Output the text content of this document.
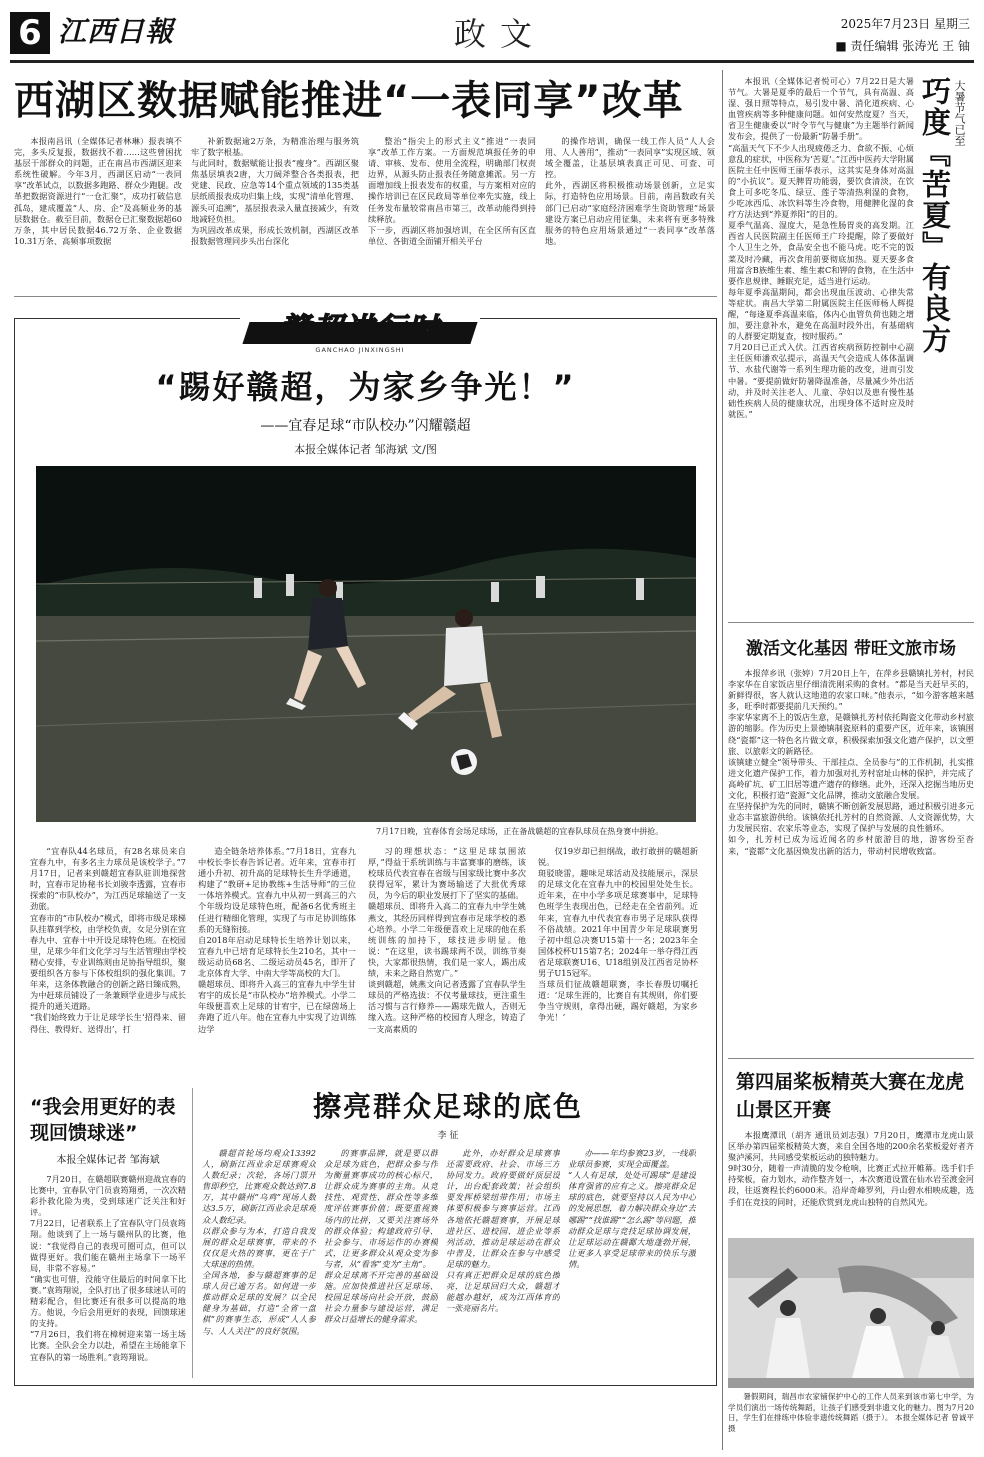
6 江西日報	政文	2025年7月23日 星期三
■ 责任编辑 张涛光 王 铀
西湖区数据赋能推进“一表同享”改革

本报南昌讯（全媒体记者林琳）报表填不完，多头反复报，数据找不着……这些曾困扰基层干部群众的问题，正在南昌市西湖区迎来系统性破解。今年3月，西湖区启动“一表同享”改革试点，以数据多跑路、群众少跑腿。改革把数据资源进行“一仓汇聚”，成功打破信息孤岛，建成覆盖“人、房、企”及高频业务的基层数据仓。截至目前，数据仓已汇聚数据超60万条，其中居民数据46.72万条、企业数据10.31万条、高频事项数据

补新数据逾2万条，为精准治理与服务筑牢了数字根基。
与此同时，数据赋能让报表“瘦身”。西湖区聚焦基层填表2唐，大刀阔斧整合各类报表，把党建、民政、应急等14个重点领域的135类基层纸质报表成功归集上线，实现“清单化管理、源头可追溯”，基层报表录入量直接减少，有效地减轻负担。
为巩固改革成果，形成长效机制，西湖区改革报数据管理同步头出台深化

整治“指尖上的形式主义”推进“一表同享”改革工作方案。一方面规范填报任务的申请、审核、发布、使用全流程，明确部门权责边界，从源头防止报表任务随意摊派。另一方面增加线上报表发布的权重，与方案相对应的操作培训已在区民政局等单位率先实施，线上任务发布量较常南昌市第三，改革动能得到持续释放。
下一步，西湖区将加强培训，在全区所有区直单位、各街道全面铺开相关平台

的操作培训，确保一线工作人员“人人会用、人人善用”，推动“一表同享”实现区域、领域全覆盖，让基层填表真正可见、可查、可控。
此外，西湖区将积极推动场景创新，立足实际，打造特色应用场景。目前，南昌数政有关部门已启动“家庭经济困难学生资助管理”场景建设方案已启动应用征集，未来将有更多特殊服务的特色应用场景通过“一表同享”改革落地。

赣超进行时
GANCHAO JINXINGSHI
“踢好赣超，为家乡争光！”
——宜春足球“市队校办”闪耀赣超
本报全媒体记者 邹海斌 文/图
7月17日晚，宜春体育会场足球场，正在备战赣超的宜春队球员在热身赛中拼抢。

“宜春队44名球员，有28名球员来自宜春九中，有多名主力球员是该校学子。”7月17日，记者来到赣超宜春队驻训地探营时，宜春市足协秘书长刘骏李透露，宜春市探索的“市队校办”，为江西足球输送了一支劲旅。
宜春市的“市队校办”模式，即将市级足球梯队挂靠到学校，由学校负责，女足分别在宜春九中、宜春十中开设足球特色班。在校园里，足球少年们文化学习与生活管理由学校精心安排，专业训练则由足协指导组织，聚要组织各方参与下体校组织的强化集训。7年来，这条体教融合的创新之路日臻成熟，为中赶球员铺设了一条兼顾学业进步与成长提升的通关道路。
“我们始终致力于让足球学长生‘招得来、留得住、教得好、送得出’，打

造全链条培养体系。”7月18日，宜春九中校长李长春告诉记者。近年来，宜春市打通小升初、初升高的足球特长生升学通道，构建了“教研+足协教练+生活导师”的三位一体培养模式。宜春九中从初一到高三的六个年级均设足球特色班，配备6名优秀班主任进行精细化管理，实现了与市足协训练体系的无缝衔接。
自2018年启动足球特长生培养计划以来，宜春九中已培育足球特长生210名，其中一级运动员68名、二级运动员45名，即开了北京体育大学、中南大学等高校的大门。
赣超球员、即将升入高三的宜春九中学生甘宥宇的成长是“市队校办”培养模式。小学二年级便喜欢上足球的甘宥宇，已在绿茵场上奔跑了近八年。他在宜春九中实现了边训练边学

习的理想状态：“这里足球氛围浓厚，”得益于系统训练与丰富赛事的磨练，该校球员代表宜春在省级与国家级比赛中多次获得冠军，累计为赛场输送了大批优秀球员，为今后的职业发展打下了坚实的基础。
赣超球员、即将升入高二的宜春九中学生姚燕文，其经历同样得到宜春市足球学校的悉心培养。小学二年级便喜欢上足球的他在系统训练的加持下，球技进步明显。他说：“在这里，读书踢球两不误，训练节奏快，大家都很热情，我们是一家人，踢出成绩，未来之路自然宽广。”
谈到赣超，姚燕文向记者透露了宜春队学生球员的严格选拔：不仅考量球技，更注重生活习惯与言行修养——踢球先做人，否则无缘入选。这种严格的校园育人理念，铸造了一支高素质的

仅19岁却已担纲战，敢打敢拼的赣超新锐。
斑驳晓雷，趣味足球活动及技能展示，深层的足球文化在宜春九中的校园里处处生长。近年来，在中小学多项足球赛事中，足球特色班学生表现出色，已经走在全省前列。近年来，宜春九中代表宜春市男子足球队获得不俗战绩。2021年中国青少年足球联赛男子初中组总决赛U15第十一名；2023年全国体校杯U15第7名；2024年一举夺得江西省足球联赛U16、U18组别及江西省足协杯男子U15冠军。
当球员们征战赣超联赛，李长春殷切嘱托道：‘足球生涯的，比赛自有其规则，你们要争当守规则，拿得出硬，踢好赣超，为家乡争光！’

擦亮群众足球的底色
李 征

赣超首轮场均观众13392人，刷新江西业余足球赛观众人数纪录；次轮，各场门票开售即秒空，比赛观众数达到7.8万，其中赣州“乌鸡”现场人数达3.5万，刷新江西业余足球观众人数纪录。
以群众参与为本，打造自我发展的群众足球赛事，带来的不仅仅是火热的赛事，更在于广大球迷的热情。
全国各地，参与赣超赛事的足球人员已逾万名。如何进一步推动群众足球的发展？以全民健身为基础，打造“全省一盘棋”的赛事生态，形成“人人参与、人人关注”的良好氛围。

的赛事品牌，就是要以群众足球为底色，把群众参与作为衡量赛事成功的核心标尺，让群众成为赛事的主角。从竞技性、观赏性、群众性等多维度评估赛事价值；既要重视赛场内的比拼，又要关注赛场外的群众体验；构建政府引导、社会参与、市场运作的办赛模式，让更多群众从观众变为参与者，从“看客”变为“主角”。
群众足球离不开完善的基础设施。应加快推进社区足球场、校园足球场向社会开放，鼓励社会力量参与建设运营，满足群众日益增长的健身需求。

此外，办好群众足球赛事还需要政府、社会、市场三方协同发力。政府要做好顶层设计，出台配套政策；社会组织要发挥桥梁纽带作用；市场主体要积极参与赛事运营。江西各地依托赣超赛事，开展足球进社区、进校园、进企业等系列活动，推动足球运动在群众中普及，让群众在参与中感受足球的魅力。
只有真正把群众足球的底色擦亮，让足球回归大众，赣超才能越办越好，成为江西体育的一张亮丽名片。

办——年均参赛23岁，一线职业球员参赛，实现全面覆盖。
“人人有足球，处处可踢球”是建设体育强省的应有之义。擦亮群众足球的底色，就要坚持以人民为中心的发展思想，着力解决群众身边“去哪踢”“找谁踢”“怎么踢”等问题，推动群众足球与竞技足球协调发展，让足球运动在赣鄱大地蓬勃开展，让更多人享受足球带来的快乐与激情。

“我会用更好的表现回馈球迷”
本报全媒体记者 邹海斌

7月20日，在赣超联赛赣州迎战宜春的比赛中，宜春队守门员袁筠翔勇，一次次精彩扑救化险为夷，受到球迷广泛关注和好评。
7月22日，记者联系上了宜春队守门员袁筠翔。他谈到了上一场与赣州队的比赛，他说：“我觉得自己的表现可圈可点，但可以做得更好。我们能在赣州主场拿下一场平局，非常不容易。”
“确实也可惜，没能守住最后的时间拿下比赛。”袁筠翔说，全队打出了很多球迷认可的精彩配合，但比赛还有很多可以提高的地方。他说，今后会用更好的表现，回馈球迷的支持。
“7月26日，我们将在樟树迎来第一场主场比赛。全队会全力以赴，希望在主场能拿下宜春队的第一场胜利。”袁筠翔说。

本报讯（全媒体记者悦可心）7月22日是大暑节气。大暑是夏季的最后一个节气，具有高温、高湿、强日照等特点，易引发中暑、消化道疾病、心血管疾病等多种健康问题。如何安然度夏？当天，省卫生健康委以“时令节气与健康”为主题举行新闻发布会，提供了一份最新“防暑手册”。
“高温天气下不少人出现疲倦乏力、食欲不振、心烦意乱的症状，中医称为‘苦夏’。”江西中医药大学附属医院主任中医师王丽华表示，这其实是身体对高温的“小抗议”。夏天脾胃功能弱，要饮食清淡，在饮食上可多吃冬瓜、绿豆、莲子等清热利湿的食物，少吃冰西瓜、冰饮料等生冷食物，用健脾化湿的食疗方法达到“养夏养阳”的目的。
夏季气温高、湿度大，是急性肠胃炎的高发期。江西省人民医院副主任医师王广玲提醒，除了要做好个人卫生之外，食品安全也不能马虎。吃不完的饭菜及时冷藏，再次食用前要彻底加热。夏天要多食用富含B族维生素、维生素C和钾的食物，在生活中要作息规律、睡眠充足，适当进行运动。
每年夏季高温期间，都会出现血压波动、心律失常等症状。南昌大学第二附属医院主任医师杨人辉提醒，“每逢夏季高温来临，体内心血管负荷也随之增加，要注意补水，避免在高温时段外出，有基础病的人群要定期复查，按时服药。”
7月20日已正式入伏。江西省疾病预防控制中心副主任医师潘欢弘提示，高温天气会造成人体体温调节、水盐代谢等一系列生理功能的改变，进而引发中暑。“要提前做好防暑降温准备，尽量减少外出活动，并及时关注老人、儿童、孕妇以及患有慢性基础性疾病人员的健康状况，出现身体不适时应及时就医。”

大暑节气已至
巧度『苦夏』有良方
激活文化基因 带旺文旅市场

本报萍乡讯（张婷）7月20日上午，在萍乡县赣镇扎芳村，村民李家华在自家饭店里仔细清洗刚采购的食材。“都是当天赶早买的，新鲜得很，客人就认这地道的农家口味。”他表示，“如今游客越来越多，旺季时都要提前几天预约。”
李家华家离不上的饭店生意，是赣镇扎芳村依托陶瓷文化带动乡村旅游的缩影。作为历史上景德镇制瓷原料的重要产区，近年来，该镇围绕“瓷都”这一特色名片做文章，积极探索加强文化遗产保护，以文塑旅、以旅彰文的新路径。
该镇建立健全“领导带头、干部挂点、全员参与”的工作机制，扎实推进文化遗产保护工作，着力加强对扎芳村窑址山林的保护，并完成了高岭矿坑、矿工旧居等遗产遗存的修缮。此外，还深入挖掘当地历史文化，积极打造“瓷源”文化品牌，推动文旅融合发展。
在坚持保护为先的同时，赣镇不断创新发展思路，通过积极引进多元业态丰富旅游供给。该镇依托扎芳村的自然资源、人文资源优势，大力发展民宿、农家乐等业态，实现了保护与发展的良性循环。
如今，扎芳村已成为远近闻名的乡村旅游目的地，游客纷至沓来，“瓷都”文化基因焕发出新的活力，带动村民增收致富。

第四届桨板精英大赛在龙虎山景区开赛

本报鹰潭讯（胡齐 通讯员刘志强）7月20日，鹰潭市龙虎山景区举办第四届桨板精英大赛，来自全国各地的200余名桨板爱好者齐聚泸溪河，共同感受桨板运动的独特魅力。
9时30分，随着一声清脆的发令枪响，比赛正式拉开帷幕。选手们手持桨板，奋力划水，动作整齐划一，本次赛道设置在仙水岩至渡金河段，往返赛程长约6000米。沿岸奇峰罗列，丹山碧水相映成趣，选手们在竞技的同时，还能欣赏到龙虎山独特的自然风光。

暑假期间，瑞昌市农家铺保护中心的工作人员来到该市第七中学，为学员们演出一场传统舞蹈，让孩子们感受到非遗文化的魅力。图为7月20日，学生们在排练中体验非遗传统舞蹈（摄于）。 本报全媒体记者 曾诚平摄
